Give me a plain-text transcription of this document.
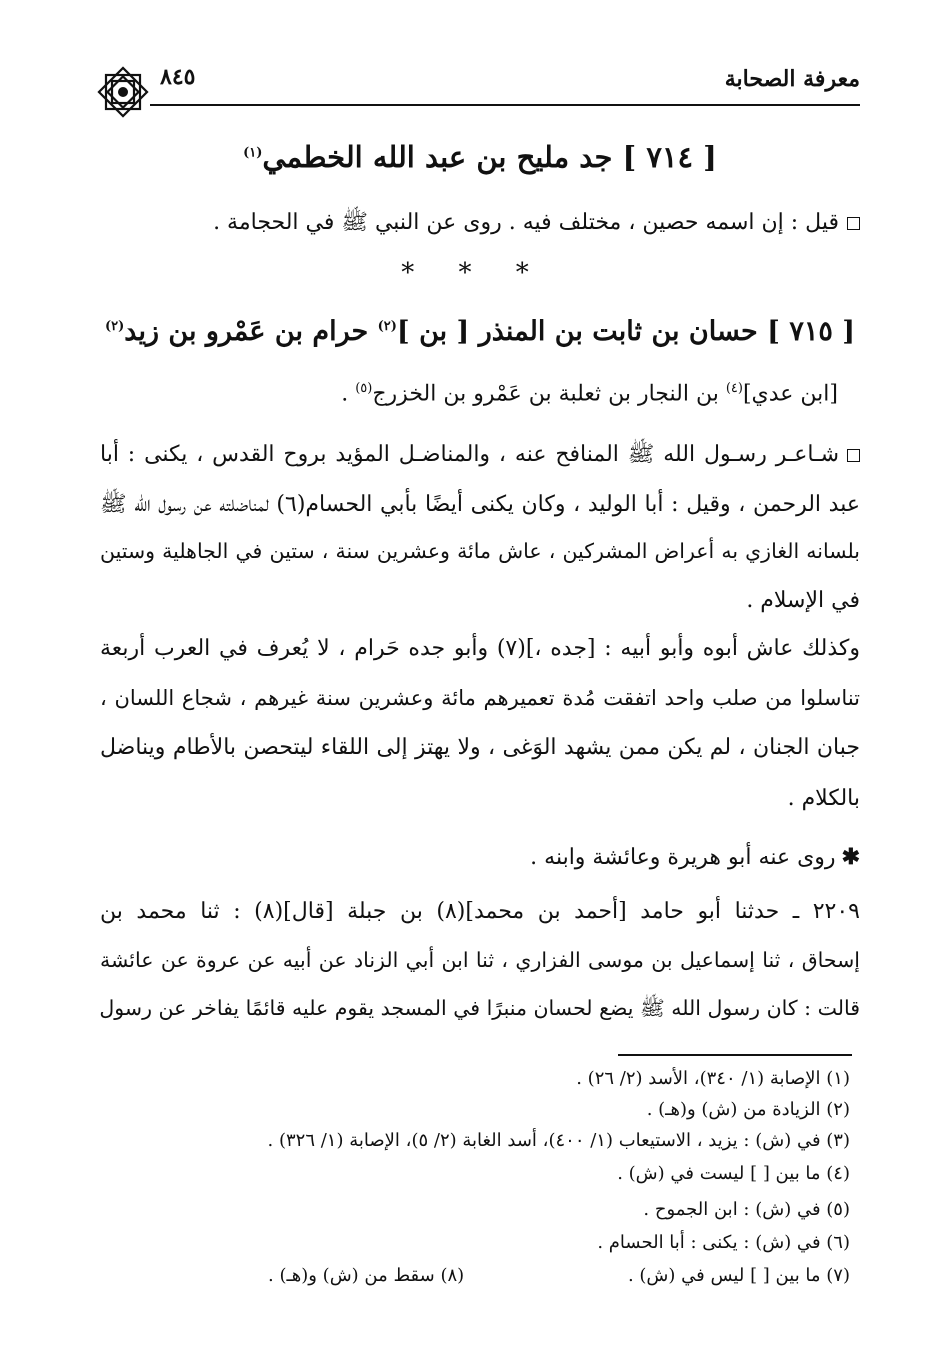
معرفة الصحابة
٨٤٥
[ ٧١٤ ] جد مليح بن عبد الله الخطمي$^{(١)}$
قيل : إن اسمه حصين ، مختلف فيه . روى عن النبي ﷺ في الحجامة .
* * *
[ ٧١٥ ] حسان بن ثابت بن المنذر [ بن ]$^{(٢)}$ حرام بن عَمْرو بن زيد$^{(٢)}$
[ابن عدي]$^{(٤)}$ بن النجار بن ثعلبة بن عَمْرو بن الخزرج$^{(٥)}$ .
شـاعـر رسـول الله ﷺ المنافح عنه ، والمناضـل المؤيد بروح القدس ، يكنى : أبا
عبد الرحمن ، وقيل : أبا الوليد ، وكان يكنى أيضًا بأبي الحسام(٦) لمناضلته عن رسول الله ﷺ
بلسانه الغازي به أعراض المشركين ، عاش مائة وعشرين سنة ، ستين في الجاهلية وستين
في الإسلام .
وكذلك عاش أبوه وأبو أبيه : [جده ،](٧) وأبو جده حَرام ، لا يُعرف في العرب أربعة
تناسلوا من صلب واحد اتفقت مُدة تعميرهم مائة وعشرين سنة غيرهم ، شجاع اللسان ،
جبان الجنان ، لم يكن ممن يشهد الوَغى ، ولا يهتز إلى اللقاء ليتحصن بالأطام ويناضل
بالكلام .
✱روى عنه أبو هريرة وعائشة وابنه .
٢٢٠٩ ـ حدثنا أبو حامد [أحمد بن محمد](٨) بن جبلة [قال](٨) : ثنا محمد بن
إسحاق ، ثنا إسماعيل بن موسى الفزاري ، ثنا ابن أبي الزناد عن أبيه عن عروة عن عائشة
قالت : كان رسول الله ﷺ يضع لحسان منبرًا في المسجد يقوم عليه قائمًا يفاخر عن رسول
(١) الإصابة (١/ ٣٤٠)، الأسد (٢/ ٢٦) .
(٢) الزيادة من (ش) و(هـ) .
(٣) في (ش) : يزيد ، الاستيعاب (١/ ٤٠٠)، أسد الغابة (٢/ ٥)، الإصابة (١/ ٣٢٦) .
(٤) ما بين [ ] ليست في (ش) .
(٥) في (ش) : ابن الجموح .
(٦) في (ش) : يكنى : أبا الحسام .
(٧) ما بين [ ] ليس في (ش) .
(٨) سقط من (ش) و(هـ) .
